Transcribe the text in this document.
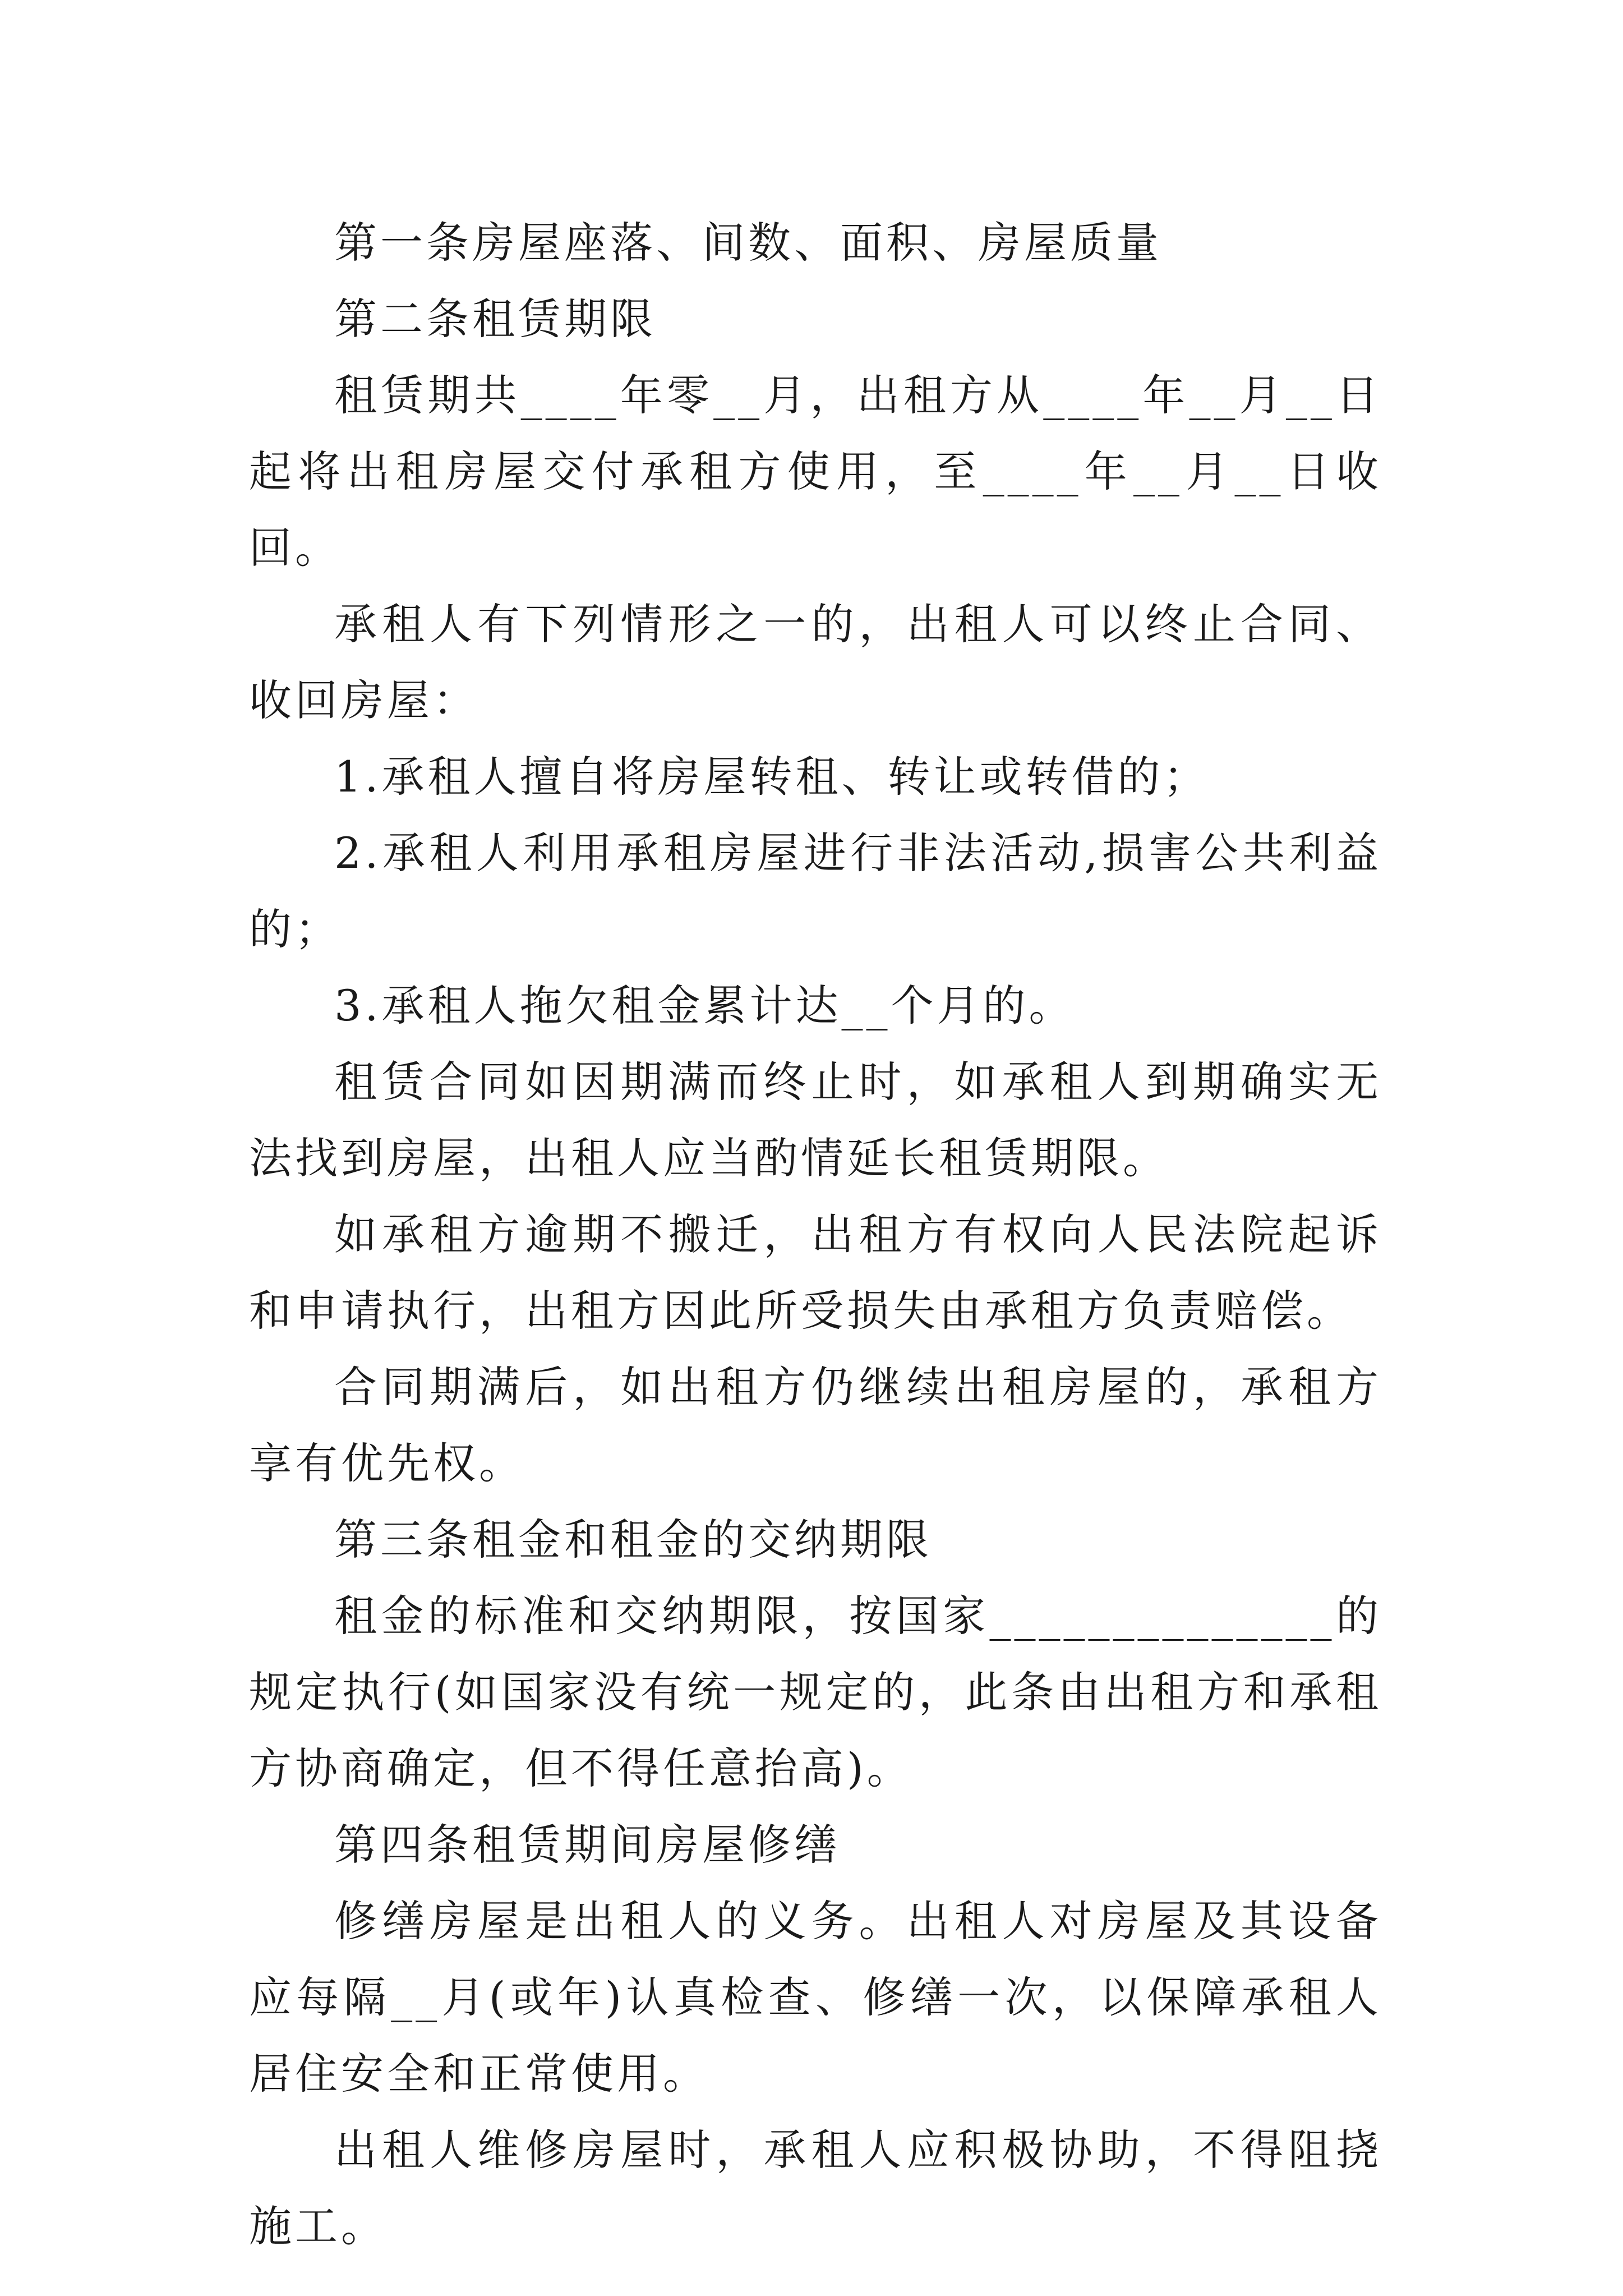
第一条房屋座落、间数、面积、房屋质量

第二条租赁期限

租赁期共____年零__月，出租方从____年__月__日起将出租房屋交付承租方使用，至____年__月__日收回。

承租人有下列情形之一的，出租人可以终止合同、收回房屋：

1.承租人擅自将房屋转租、转让或转借的；

2.承租人利用承租房屋进行非法活动,损害公共利益的；

3.承租人拖欠租金累计达__个月的。

租赁合同如因期满而终止时，如承租人到期确实无法找到房屋，出租人应当酌情延长租赁期限。

如承租方逾期不搬迁，出租方有权向人民法院起诉和申请执行，出租方因此所受损失由承租方负责赔偿。

合同期满后，如出租方仍继续出租房屋的，承租方享有优先权。

第三条租金和租金的交纳期限

租金的标准和交纳期限，按国家______________的规定执行(如国家没有统一规定的，此条由出租方和承租方协商确定，但不得任意抬高)。

第四条租赁期间房屋修缮

修缮房屋是出租人的义务。出租人对房屋及其设备应每隔__月(或年)认真检查、修缮一次，以保障承租人居住安全和正常使用。

出租人维修房屋时，承租人应积极协助，不得阻挠施工。
